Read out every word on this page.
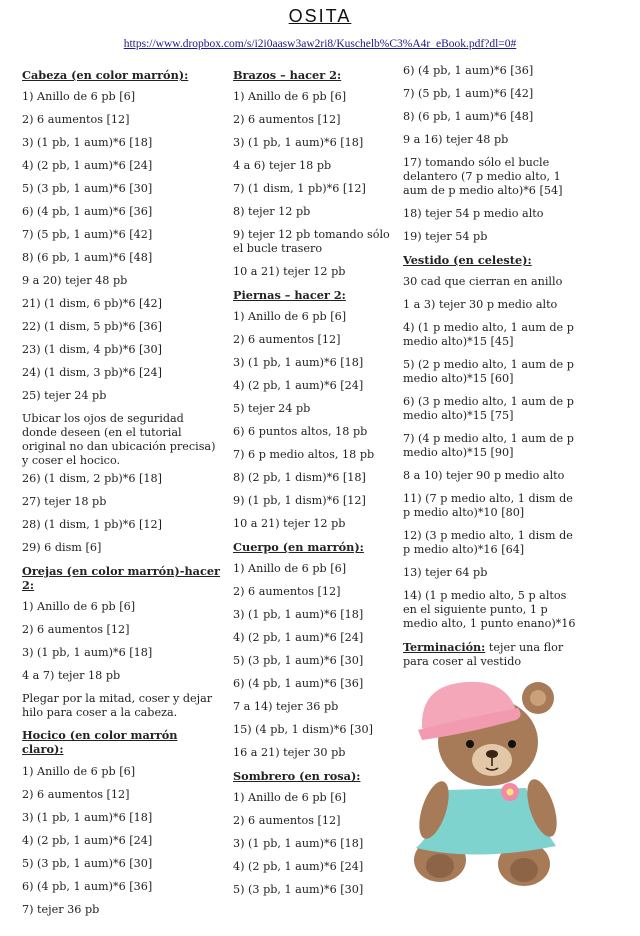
OSITA
https://www.dropbox.com/s/i2i0aasw3aw2ri8/Kuschelb%C3%A4r_eBook.pdf?dl=0#
Cabeza (en color marrón):
1) Anillo de 6 pb [6]
2) 6 aumentos [12]
3) (1 pb, 1 aum)*6 [18]
4) (2 pb, 1 aum)*6 [24]
5) (3 pb, 1 aum)*6 [30]
6) (4 pb, 1 aum)*6 [36]
7) (5 pb, 1 aum)*6 [42]
8) (6 pb, 1 aum)*6 [48]
9 a 20) tejer 48 pb
21) (1 dism, 6 pb)*6 [42]
22) (1 dism, 5 pb)*6 [36]
23) (1 dism, 4 pb)*6 [30]
24) (1 dism, 3 pb)*6 [24]
25) tejer 24 pb
Ubicar los ojos de seguridad donde deseen (en el tutorial original no dan ubicación precisa) y coser el hocico.
26) (1 dism, 2 pb)*6 [18]
27) tejer 18 pb
28) (1 dism, 1 pb)*6 [12]
29) 6 dism [6]
Orejas (en color marrón)-hacer 2:
1) Anillo de 6 pb [6]
2) 6 aumentos [12]
3) (1 pb, 1 aum)*6 [18]
4 a 7) tejer 18 pb
Plegar por la mitad, coser y dejar hilo para coser a la cabeza.
Hocico (en color marrón claro):
1) Anillo de 6 pb [6]
2) 6 aumentos [12]
3) (1 pb, 1 aum)*6 [18]
4) (2 pb, 1 aum)*6 [24]
5) (3 pb, 1 aum)*6 [30]
6) (4 pb, 1 aum)*6 [36]
7) tejer 36 pb
Brazos – hacer 2:
1) Anillo de 6 pb [6]
2) 6 aumentos [12]
3) (1 pb, 1 aum)*6 [18]
4 a 6) tejer 18 pb
7) (1 dism, 1 pb)*6 [12]
8) tejer 12 pb
9) tejer 12 pb tomando sólo el bucle trasero
10 a 21) tejer 12 pb
Piernas – hacer 2:
1) Anillo de 6 pb [6]
2) 6 aumentos [12]
3) (1 pb, 1 aum)*6 [18]
4) (2 pb, 1 aum)*6 [24]
5) tejer 24 pb
6) 6 puntos altos, 18 pb
7) 6 p medio altos, 18 pb
8) (2 pb, 1 dism)*6 [18]
9) (1 pb, 1 dism)*6 [12]
10 a 21) tejer 12 pb
Cuerpo (en marrón):
1) Anillo de 6 pb [6]
2) 6 aumentos [12]
3) (1 pb, 1 aum)*6 [18]
4) (2 pb, 1 aum)*6 [24]
5) (3 pb, 1 aum)*6 [30]
6) (4 pb, 1 aum)*6 [36]
7 a 14) tejer 36 pb
15) (4 pb, 1 dism)*6 [30]
16 a 21) tejer 30 pb
Sombrero (en rosa):
1) Anillo de 6 pb [6]
2) 6 aumentos [12]
3) (1 pb, 1 aum)*6 [18]
4) (2 pb, 1 aum)*6 [24]
5) (3 pb, 1 aum)*6 [30]
6) (4 pb, 1 aum)*6 [36]
7) (5 pb, 1 aum)*6 [42]
8) (6 pb, 1 aum)*6 [48]
9 a 16) tejer 48 pb
17) tomando sólo el bucle delantero (7 p medio alto, 1 aum de p medio alto)*6 [54]
18) tejer 54 p medio alto
19) tejer 54 pb
Vestido (en celeste):
30 cad que cierran en anillo
1 a 3) tejer 30 p medio alto
4) (1 p medio alto, 1 aum de p medio alto)*15 [45]
5) (2 p medio alto, 1 aum de p medio alto)*15 [60]
6) (3 p medio alto, 1 aum de p medio alto)*15 [75]
7) (4 p medio alto, 1 aum de p medio alto)*15 [90]
8 a 10) tejer 90 p medio alto
11) (7 p medio alto, 1 dism de p medio alto)*10 [80]
12) (3 p medio alto, 1 dism de p medio alto)*16 [64]
13) tejer 64 pb
14) (1 p medio alto, 5 p altos en el siguiente punto, 1 p medio alto, 1 punto enano)*16
Terminación: tejer una flor para coser al vestido
